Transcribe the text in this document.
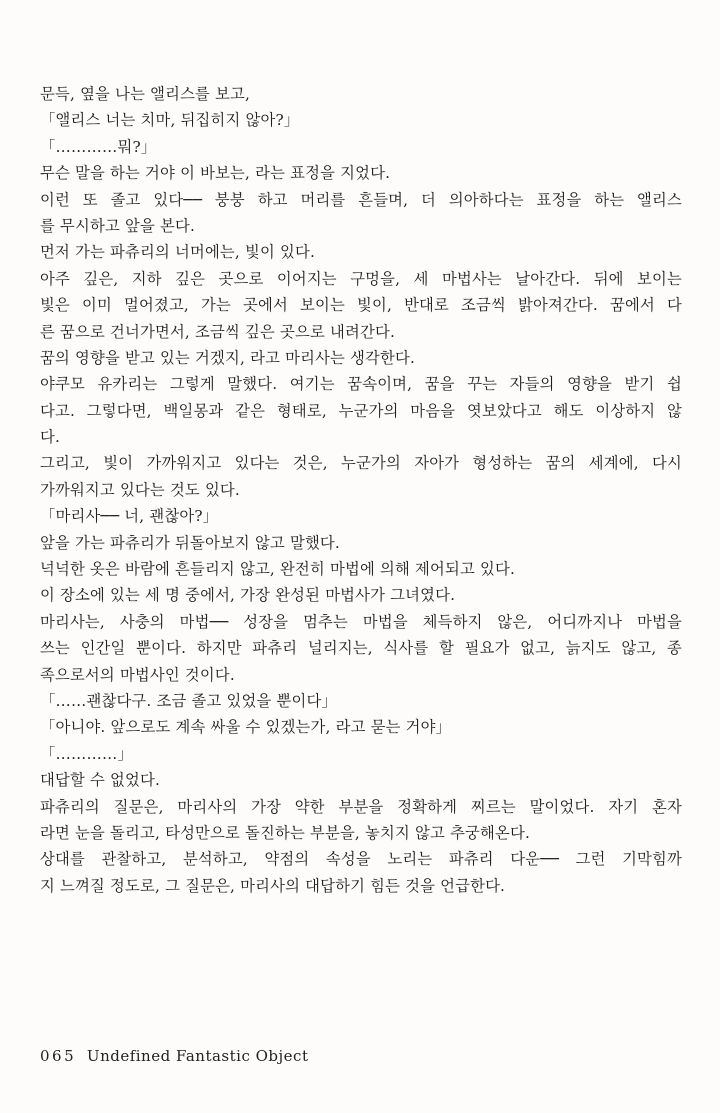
문득, 옆을 나는 앨리스를 보고,
「앨리스 너는 치마, 뒤집히지 않아?」
「…………뭐?」
무슨 말을 하는 거야 이 바보는, 라는 표정을 지었다.
이런 또 졸고 있다── 붕붕 하고 머리를 흔들며, 더 의아하다는 표정을 하는 앨리스
를 무시하고 앞을 본다.
먼저 가는 파츄리의 너머에는, 빛이 있다.
아주 깊은, 지하 깊은 곳으로 이어지는 구멍을, 세 마법사는 날아간다. 뒤에 보이는
빛은 이미 멀어졌고, 가는 곳에서 보이는 빛이, 반대로 조금씩 밝아져간다. 꿈에서 다
른 꿈으로 건너가면서, 조금씩 깊은 곳으로 내려간다.
꿈의 영향을 받고 있는 거겠지, 라고 마리사는 생각한다.
야쿠모 유카리는 그렇게 말했다. 여기는 꿈속이며, 꿈을 꾸는 자들의 영향을 받기 쉽
다고. 그렇다면, 백일몽과 같은 형태로, 누군가의 마음을 엿보았다고 해도 이상하지 않
다.
그리고, 빛이 가까워지고 있다는 것은, 누군가의 자아가 형성하는 꿈의 세계에, 다시
가까워지고 있다는 것도 있다.
「마리사── 너, 괜찮아?」
앞을 가는 파츄리가 뒤돌아보지 않고 말했다.
넉넉한 옷은 바람에 흔들리지 않고, 완전히 마법에 의해 제어되고 있다.
이 장소에 있는 세 명 중에서, 가장 완성된 마법사가 그녀였다.
마리사는, 사충의 마법── 성장을 멈추는 마법을 체득하지 않은, 어디까지나 마법을
쓰는 인간일 뿐이다. 하지만 파츄리 널리지는, 식사를 할 필요가 없고, 늙지도 않고, 종
족으로서의 마법사인 것이다.
「……괜찮다구. 조금 졸고 있었을 뿐이다」
「아니야. 앞으로도 계속 싸울 수 있겠는가, 라고 묻는 거야」
「…………」
대답할 수 없었다.
파츄리의 질문은, 마리사의 가장 약한 부분을 정확하게 찌르는 말이었다. 자기 혼자
라면 눈을 돌리고, 타성만으로 돌진하는 부분을, 놓치지 않고 추궁해온다.
상대를 관찰하고, 분석하고, 약점의 속성을 노리는 파츄리 다운── 그런 기막힘까
지 느껴질 정도로, 그 질문은, 마리사의 대답하기 힘든 것을 언급한다.
065 Undefined Fantastic Object
